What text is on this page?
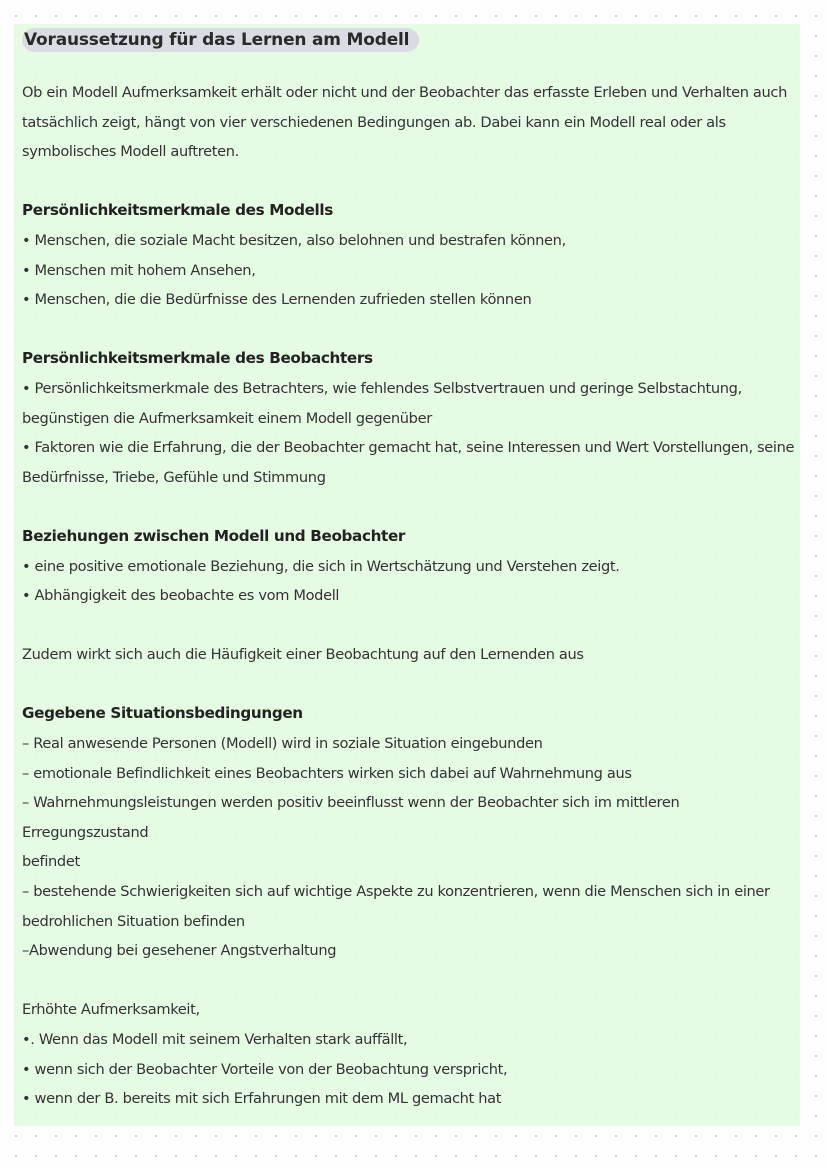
Voraussetzung für das Lernen am Modell

Ob ein Modell Aufmerksamkeit erhält oder nicht und der Beobachter das erfasste Erleben und Verhalten auch

tatsächlich zeigt, hängt von vier verschiedenen Bedingungen ab. Dabei kann ein Modell real oder als

symbolisches Modell auftreten.

Persönlichkeitsmerkmale des Modells

• Menschen, die soziale Macht besitzen, also belohnen und bestrafen können,

• Menschen mit hohem Ansehen,

• Menschen, die die Bedürfnisse des Lernenden zufrieden stellen können

Persönlichkeitsmerkmale des Beobachters

• Persönlichkeitsmerkmale des Betrachters, wie fehlendes Selbstvertrauen und geringe Selbstachtung,

begünstigen die Aufmerksamkeit einem Modell gegenüber

• Faktoren wie die Erfahrung, die der Beobachter gemacht hat, seine Interessen und Wert Vorstellungen, seine

Bedürfnisse, Triebe, Gefühle und Stimmung

Beziehungen zwischen Modell und Beobachter

• eine positive emotionale Beziehung, die sich in Wertschätzung und Verstehen zeigt.

• Abhängigkeit des beobachte es vom Modell

Zudem wirkt sich auch die Häufigkeit einer Beobachtung auf den Lernenden aus

Gegebene Situationsbedingungen

– Real anwesende Personen (Modell) wird in soziale Situation eingebunden

– emotionale Befindlichkeit eines Beobachters wirken sich dabei auf Wahrnehmung aus

– Wahrnehmungsleistungen werden positiv beeinflusst wenn der Beobachter sich im mittleren Erregungszustand

befindet

– bestehende Schwierigkeiten sich auf wichtige Aspekte zu konzentrieren, wenn die Menschen sich in einer

bedrohlichen Situation befinden

–Abwendung bei gesehener Angstverhaltung

Erhöhte Aufmerksamkeit,

•. Wenn das Modell mit seinem Verhalten stark auffällt,

• wenn sich der Beobachter Vorteile von der Beobachtung verspricht,

• wenn der B. bereits mit sich Erfahrungen mit dem ML gemacht hat
